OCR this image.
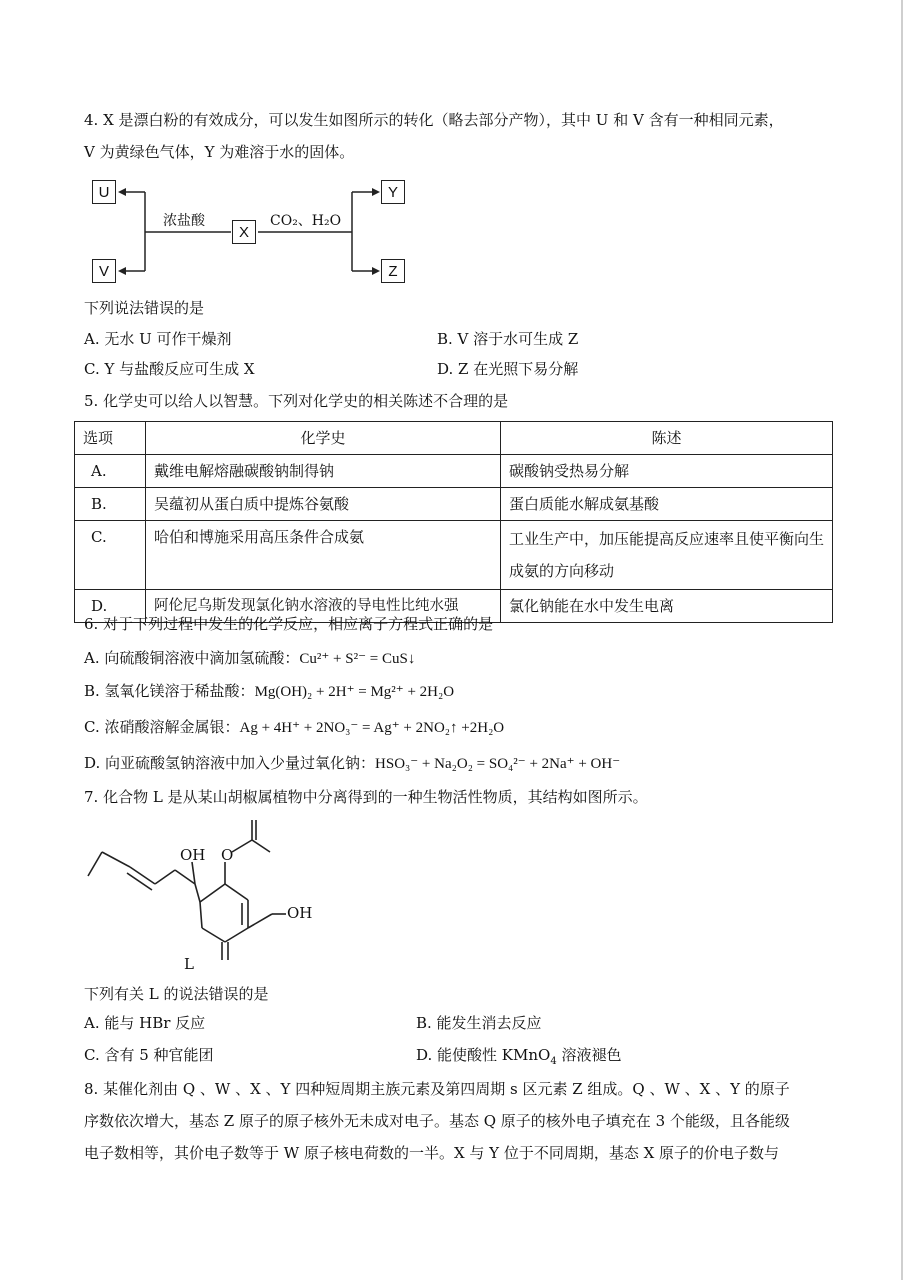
4. X 是漂白粉的有效成分，可以发生如图所示的转化（略去部分产物），其中 U 和 V 含有一种相同元素，
V 为黄绿色气体，Y 为难溶于水的固体。
U
V
X
Y
Z
浓盐酸	CO₂、H₂O
下列说法错误的是
A. 无水 U 可作干燥剂	B. V 溶于水可生成 Z
C. Y 与盐酸反应可生成 X	D. Z 在光照下易分解
5. 化学史可以给人以智慧。下列对化学史的相关陈述不合理的是
选项	化学史	陈述
A.	戴维电解熔融碳酸钠制得钠	碳酸钠受热易分解
B.	吴蕴初从蛋白质中提炼谷氨酸	蛋白质能水解成氨基酸
C.	哈伯和博施采用高压条件合成氨	工业生产中，加压能提高反应速率且使平衡向生成氨的方向移动
D.	阿伦尼乌斯发现氯化钠水溶液的导电性比纯水强	氯化钠能在水中发生电离
6. 对于下列过程中发生的化学反应，相应离子方程式正确的是
A. 向硫酸铜溶液中滴加氢硫酸：Cu²⁺ + S²⁻ = CuS↓
B. 氢氧化镁溶于稀盐酸：Mg(OH)₂ + 2H⁺ = Mg²⁺ + 2H₂O
C. 浓硝酸溶解金属银：Ag + 4H⁺ + 2NO₃⁻ = Ag⁺ + 2NO₂↑ +2H₂O
D. 向亚硫酸氢钠溶液中加入少量过氧化钠：HSO₃⁻ + Na₂O₂ = SO₄²⁻ + 2Na⁺ + OH⁻
7. 化合物 L 是从某山胡椒属植物中分离得到的一种生物活性物质，其结构如图所示。
OH O
OH
L
下列有关 L 的说法错误的是
A. 能与 HBr 反应	B. 能发生消去反应
C. 含有 5 种官能团	D. 能使酸性 KMnO$_4$ 溶液褪色
8. 某催化剂由 Q 、W 、X 、Y 四种短周期主族元素及第四周期 s 区元素 Z 组成。Q 、W 、X 、Y 的原子
序数依次增大，基态 Z 原子的原子核外无未成对电子。基态 Q 原子的核外电子填充在 3 个能级，且各能级
电子数相等，其价电子数等于 W 原子核电荷数的一半。X 与 Y 位于不同周期，基态 X 原子的价电子数与
